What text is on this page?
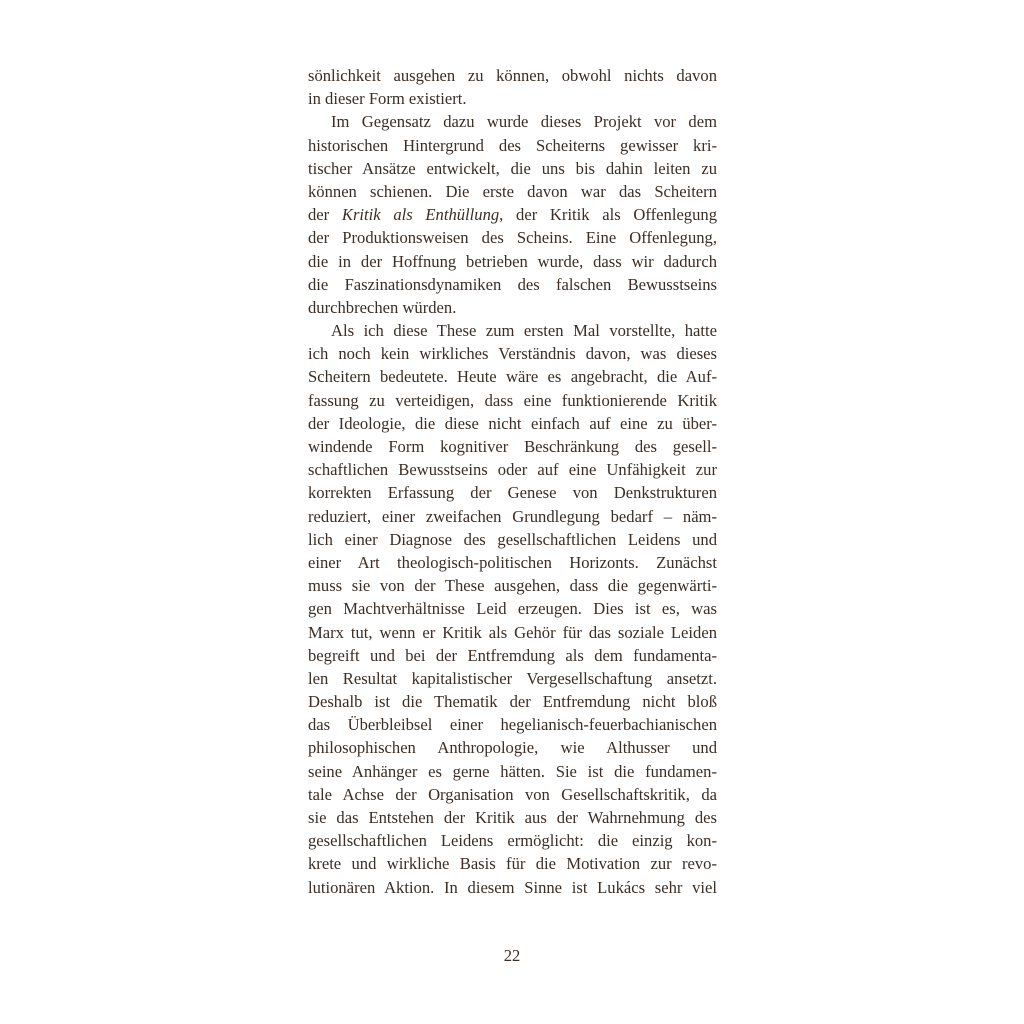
sönlichkeit ausgehen zu können, obwohl nichts davon
in dieser Form existiert.
Im Gegensatz dazu wurde dieses Projekt vor dem
historischen Hintergrund des Scheiterns gewisser kri-
tischer Ansätze entwickelt, die uns bis dahin leiten zu
können schienen. Die erste davon war das Scheitern
der Kritik als Enthüllung, der Kritik als Offenlegung
der Produktionsweisen des Scheins. Eine Offenlegung,
die in der Hoffnung betrieben wurde, dass wir dadurch
die Faszinationsdynamiken des falschen Bewusstseins
durchbrechen würden.
Als ich diese These zum ersten Mal vorstellte, hatte
ich noch kein wirkliches Verständnis davon, was dieses
Scheitern bedeutete. Heute wäre es angebracht, die Auf-
fassung zu verteidigen, dass eine funktionierende Kritik
der Ideologie, die diese nicht einfach auf eine zu über-
windende Form kognitiver Beschränkung des gesell-
schaftlichen Bewusstseins oder auf eine Unfähigkeit zur
korrekten Erfassung der Genese von Denkstrukturen
reduziert, einer zweifachen Grundlegung bedarf – näm-
lich einer Diagnose des gesellschaftlichen Leidens und
einer Art theologisch-politischen Horizonts. Zunächst
muss sie von der These ausgehen, dass die gegenwärti-
gen Machtverhältnisse Leid erzeugen. Dies ist es, was
Marx tut, wenn er Kritik als Gehör für das soziale Leiden
begreift und bei der Entfremdung als dem fundamenta-
len Resultat kapitalistischer Vergesellschaftung ansetzt.
Deshalb ist die Thematik der Entfremdung nicht bloß
das Überbleibsel einer hegelianisch-feuerbachianischen
philosophischen Anthropologie, wie Althusser und
seine Anhänger es gerne hätten. Sie ist die fundamen-
tale Achse der Organisation von Gesellschaftskritik, da
sie das Entstehen der Kritik aus der Wahrnehmung des
gesellschaftlichen Leidens ermöglicht: die einzig kon-
krete und wirkliche Basis für die Motivation zur revo-
lutionären Aktion. In diesem Sinne ist Lukács sehr viel
22
